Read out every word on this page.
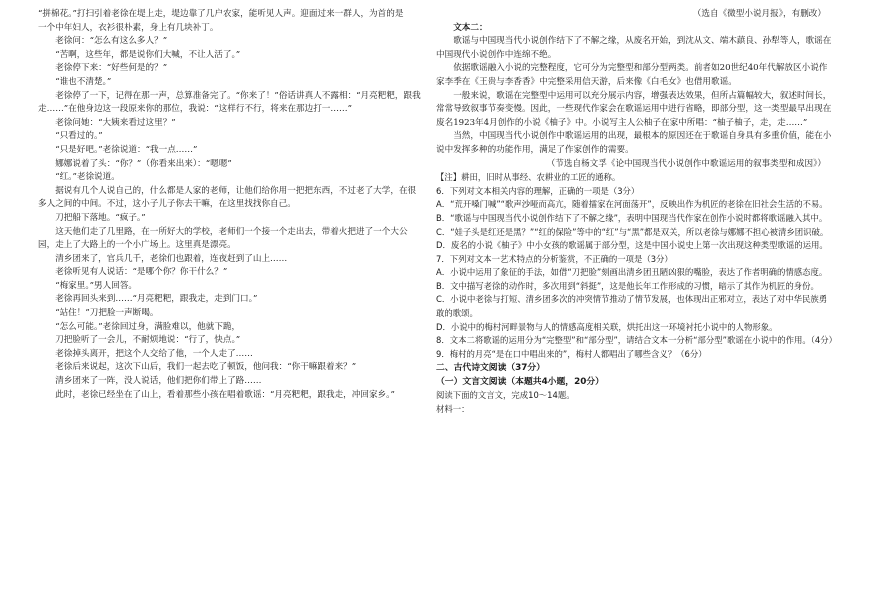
“拼棉花。”打扫引着老徐在堤上走，堤边靠了几户农家，能听见人声。迎面过来一群人，为首的是

一个中年妇人，衣衫很朴素，身上有几块补丁。

老徐问：“怎么有这么多人？”

“苦啊，这些年，都是说你们大喊，不让人活了。”

老徐停下来：“好些何是的？”

“谁也不清楚。”

老徐停了一下，记得在那一声，总算准备完了。“你来了！”俗话讲真人不露相：“月亮粑粑，跟我走……”在他身边这一段原来你的那位，我说：“这样行不行，将来在那边打一……”

老徐问她：“大姨来看过这里？”

“只看过的。”

“只是好吧。”老徐说道：“我一点……”

娜娜说着了头：“你？”（你看来出来）：“嗯嗯”

“红。”老徐说道。

据说有几个人说自己的，什么都是人家的老师，让他们给你用一把把东西，不过老了大学，在很多人之间的中间。不过，这小子儿子你去干嘛，在这里找找你自己。

刀把船下落地。“疯子。”

这天他们走了几里路，在一所好大的学校，老师们一个接一个走出去，带着火把进了一个大公园，走上了大路上的一个小广场上。这里真是漂亮。

清乡团来了，官兵几千，老徐们也跟着，连夜赶到了山上……

老徐听见有人说话：“是哪个你？你干什么？”

“梅家里。”男人回答。

老徐再回头来到……“月亮粑粑，跟我走，走到门口。”

“站住！”刀把脸一声断喝。

“怎么可能。”老徐回过身，满脸难以，他就下跪，

刀把脸听了一会儿，不耐烦地说：“行了，快点。”

老徐掉头离开，把这个人交给了他，一个人走了……

老徐后来说起，这次下山后，我们一起去吃了顿饭，他问我：“你干嘛跟着来？”

清乡团来了一阵，没人说话，他们把你们带上了路……

此时，老徐已经坐在了山上，看着那些小孩在唱着歌谣：“月亮粑粑，跟我走，冲回家乡。”

（选自《微型小说月报》，有删改）

文本二：

歌谣与中国现当代小说创作结下了不解之缘，从废名开始，到沈从文、端木蕻良、孙犁等人，歌谣在中国现代小说创作中连绵不绝。

依据歌谣融入小说的完整程度，它可分为完整型和部分型两类。前者如20世纪40年代解放区小说作家李季在《王贵与李香香》中完整采用信天游，后来像《白毛女》也借用歌谣。

一般来说，歌谣在完整型中运用可以充分展示内容，增强表达效果，但所占篇幅较大，叙述时间长，常常导致叙事节奏变慢。因此，一些现代作家会在歌谣运用中进行省略，即部分型，这一类型最早出现在废名1923年4月创作的小说《柚子》中。小说写主人公柚子在家中所唱：“柚子柚子，走，走……”

当然，中国现当代小说创作中歌谣运用的出现，最根本的原因还在于歌谣自身具有多重价值，能在小说中发挥多种的功能作用，满足了作家创作的需要。

（节选自杨文孚《论中国现当代小说创作中歌谣运用的叙事类型和成因》）

【注】耕田，旧时从事经、农耕业的工匠的通称。

6．下列对文本相关内容的理解，正确的一项是（3分）

A．“荒开嗓门喊”“歌声沙哑而高亢，随着擂家在河面荡开”，反映出作为机匠的老徐在旧社会生活的不易。

B．“歌谣与中国现当代小说创作结下了不解之缘”，表明中国现当代作家在创作小说时都将歌谣融入其中。

C．“娃子头是红还是黑？”“红的保险”等中的“红”与“黑”都是双关，所以老徐与娜娜不担心被清乡团识破。

D．废名的小说《柚子》中小女孩的歌谣属于部分型，这是中国小说史上第一次出现这种类型歌谣的运用。

7．下列对文本一艺术特点的分析鉴赏，不正确的一项是（3分）

A．小说中运用了象征的手法，如借“刀把脸”刻画出清乡团丑陋凶狠的嘴脸，表达了作者明确的情感态度。

B．文中描写老徐的动作时，多次用到“斜挺”，这是他长年工作形成的习惯，暗示了其作为机匠的身份。

C．小说中老徐与打短、清乡团多次的冲突情节推动了情节发展，也体现出正邪对立，表达了对中华民族勇敢的歌颂。

D．小说中的梅村河畔景物与人的情感高度相关联，烘托出这一环境衬托小说中的人物形象。

8．文本二将歌谣的运用分为“完整型”和“部分型”，请结合文本一分析“部分型”歌谣在小说中的作用。（4分）

9．梅村的月亮“是在口中唱出来的”，梅村人都唱出了哪些含义？（6分）

二、古代诗文阅读（37分）

（一）文言文阅读（本题共4小题，20分）

阅读下面的文言文，完成10～14题。

材料一：
